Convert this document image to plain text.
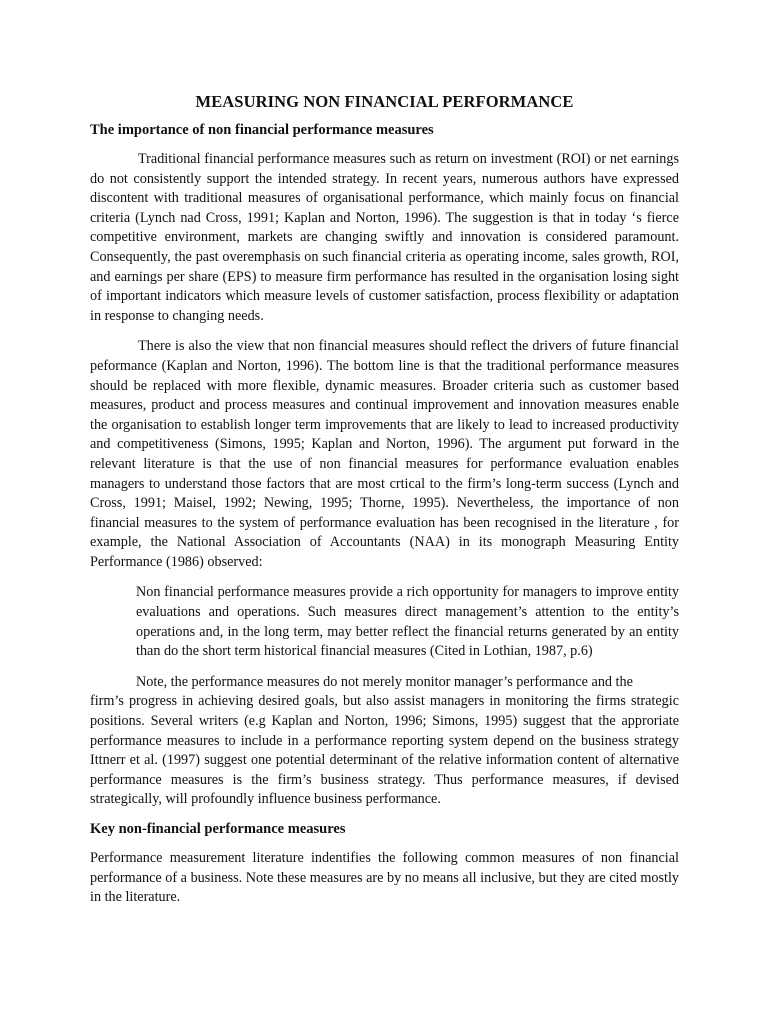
MEASURING NON FINANCIAL PERFORMANCE
The importance of non financial performance measures

Traditional financial performance measures such as return on investment (ROI) or net earnings do not consistently support the intended strategy. In recent years, numerous authors have expressed discontent with traditional measures of organisational performance, which mainly focus on financial criteria (Lynch nad Cross, 1991; Kaplan and Norton, 1996). The suggestion is that in today ‘s fierce competitive environment, markets are changing swiftly and innovation is considered paramount. Consequently, the past overemphasis on such financial criteria as operating income, sales growth, ROI, and earnings per share (EPS) to measure firm performance has resulted in the organisation losing sight of important indicators which measure levels of customer satisfaction, process flexibility or adaptation in response to changing needs.

There is also the view that non financial measures should reflect the drivers of future financial peformance (Kaplan and Norton, 1996). The bottom line is that the traditional performance measures should be replaced with more flexible, dynamic measures. Broader criteria such as customer based measures, product and process measures and continual improvement and innovation measures enable the organisation to establish longer term improvements that are likely to lead to increased productivity and competitiveness (Simons, 1995; Kaplan and Norton, 1996). The argument put forward in the relevant literature is that the use of non financial measures for performance evaluation enables managers to understand those factors that are most crtical to the firm’s long-term success (Lynch and Cross, 1991; Maisel, 1992; Newing, 1995; Thorne, 1995). Nevertheless, the importance of non financial measures to the system of performance evaluation has been recognised in the literature , for example, the National Association of Accountants (NAA) in its monograph Measuring Entity Performance (1986) observed:

Non financial performance measures provide a rich opportunity for managers to improve entity evaluations and operations. Such measures direct management’s attention to the entity’s operations and, in the long term, may better reflect the financial returns generated by an entity than do the short term historical financial measures (Cited in Lothian, 1987, p.6)

Note, the performance measures do not merely monitor manager’s performance and the

firm’s progress in achieving desired goals, but also assist managers in monitoring the firms strategic positions. Several writers (e.g Kaplan and Norton, 1996; Simons, 1995) suggest that the approriate performance measures to include in a performance reporting system depend on the business strategy Ittnerr et al. (1997) suggest one potential determinant of the relative information content of alternative performance measures is the firm’s business strategy. Thus performance measures, if devised strategically, will profoundly influence business performance.

Key non-financial performance measures

Performance measurement literature indentifies the following common measures of non financial performance of a business. Note these measures are by no means all inclusive, but they are cited mostly in the literature.
